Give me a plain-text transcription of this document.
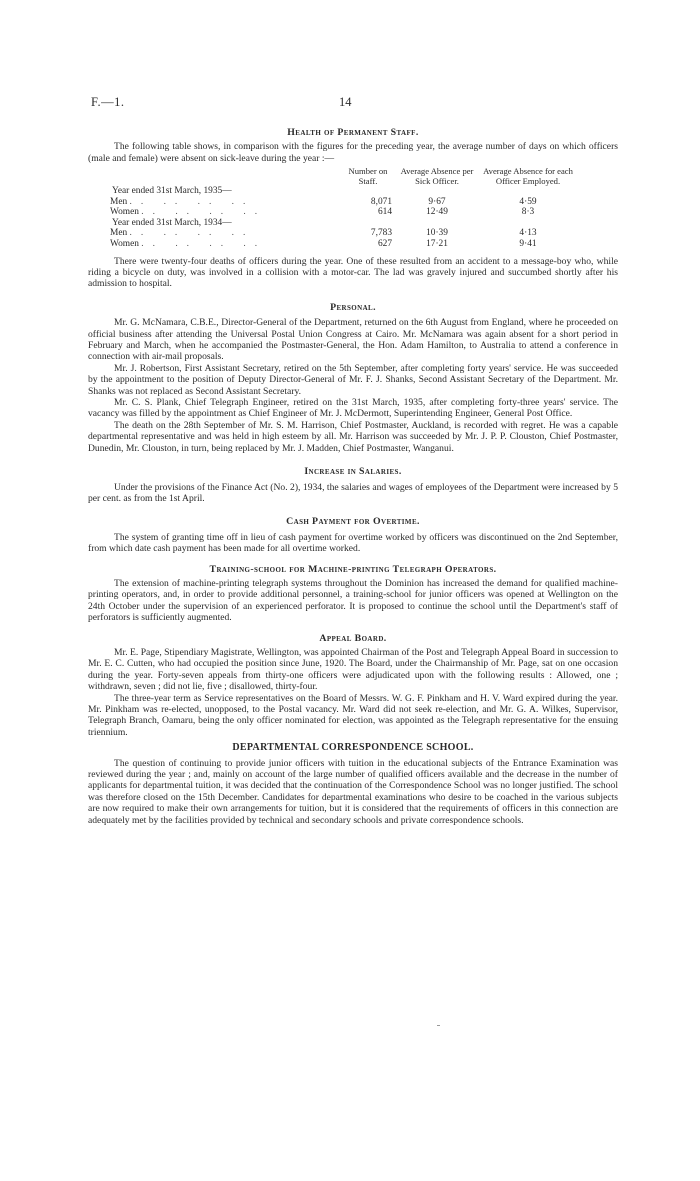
F.—1.	14
Health of Permanent Staff.

The following table shows, in comparison with the figures for the preceding year, the average number of days on which officers (male and female) were absent on sick-leave during the year :—

	Number on Staff.	Average Absence per Sick Officer.	Average Absence for each Officer Employed.
Year ended 31st March, 1935—			
Men .. .. .. ..	8,071	9·67	4·59
Women .. .. .. ..	614	12·49	8·3
Year ended 31st March, 1934—			
Men .. .. .. ..	7,783	10·39	4·13
Women .. .. .. ..	627	17·21	9·41

There were twenty-four deaths of officers during the year. One of these resulted from an accident to a message-boy who, while riding a bicycle on duty, was involved in a collision with a motor-car. The lad was gravely injured and succumbed shortly after his admission to hospital.

Personal.

Mr. G. McNamara, C.B.E., Director-General of the Department, returned on the 6th August from England, where he proceeded on official business after attending the Universal Postal Union Congress at Cairo. Mr. McNamara was again absent for a short period in February and March, when he accompanied the Postmaster-General, the Hon. Adam Hamilton, to Australia to attend a conference in connection with air-mail proposals.

Mr. J. Robertson, First Assistant Secretary, retired on the 5th September, after completing forty years' service. He was succeeded by the appointment to the position of Deputy Director-General of Mr. F. J. Shanks, Second Assistant Secretary of the Department. Mr. Shanks was not replaced as Second Assistant Secretary.

Mr. C. S. Plank, Chief Telegraph Engineer, retired on the 31st March, 1935, after completing forty-three years' service. The vacancy was filled by the appointment as Chief Engineer of Mr. J. McDermott, Superintending Engineer, General Post Office.

The death on the 28th September of Mr. S. M. Harrison, Chief Postmaster, Auckland, is recorded with regret. He was a capable departmental representative and was held in high esteem by all. Mr. Harrison was succeeded by Mr. J. P. P. Clouston, Chief Postmaster, Dunedin, Mr. Clouston, in turn, being replaced by Mr. J. Madden, Chief Postmaster, Wanganui.

Increase in Salaries.

Under the provisions of the Finance Act (No. 2), 1934, the salaries and wages of employees of the Department were increased by 5 per cent. as from the 1st April.

Cash Payment for Overtime.

The system of granting time off in lieu of cash payment for overtime worked by officers was discontinued on the 2nd September, from which date cash payment has been made for all overtime worked.

Training-school for Machine-printing Telegraph Operators.

The extension of machine-printing telegraph systems throughout the Dominion has increased the demand for qualified machine-printing operators, and, in order to provide additional personnel, a training-school for junior officers was opened at Wellington on the 24th October under the supervision of an experienced perforator. It is proposed to continue the school until the Department's staff of perforators is sufficiently augmented.

Appeal Board.

Mr. E. Page, Stipendiary Magistrate, Wellington, was appointed Chairman of the Post and Telegraph Appeal Board in succession to Mr. E. C. Cutten, who had occupied the position since June, 1920. The Board, under the Chairmanship of Mr. Page, sat on one occasion during the year. Forty-seven appeals from thirty-one officers were adjudicated upon with the following results : Allowed, one ; withdrawn, seven ; did not lie, five ; disallowed, thirty-four.

The three-year term as Service representatives on the Board of Messrs. W. G. F. Pinkham and H. V. Ward expired during the year. Mr. Pinkham was re-elected, unopposed, to the Postal vacancy. Mr. Ward did not seek re-election, and Mr. G. A. Wilkes, Supervisor, Telegraph Branch, Oamaru, being the only officer nominated for election, was appointed as the Telegraph representative for the ensuing triennium.

DEPARTMENTAL CORRESPONDENCE SCHOOL.

The question of continuing to provide junior officers with tuition in the educational subjects of the Entrance Examination was reviewed during the year ; and, mainly on account of the large number of qualified officers available and the decrease in the number of applicants for departmental tuition, it was decided that the continuation of the Correspondence School was no longer justified. The school was therefore closed on the 15th December. Candidates for departmental examinations who desire to be coached in the various subjects are now required to make their own arrangements for tuition, but it is considered that the requirements of officers in this connection are adequately met by the facilities provided by technical and secondary schools and private correspondence schools.
